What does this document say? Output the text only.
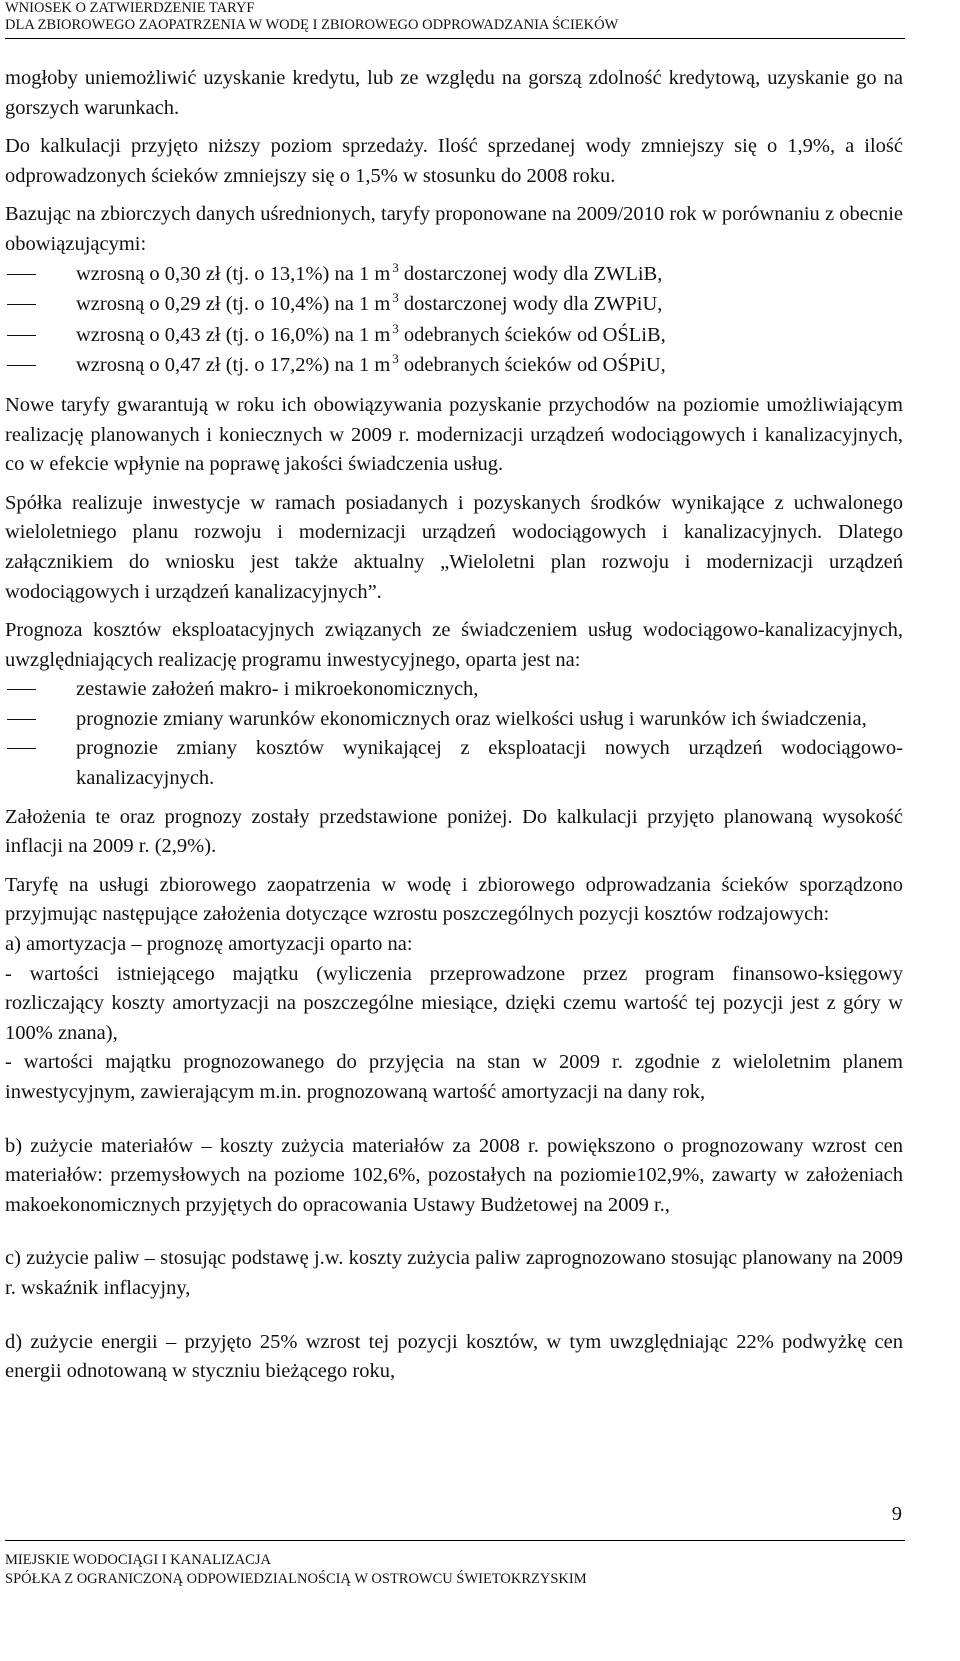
WNIOSEK O ZATWIERDZENIE TARYF
DLA ZBIOROWEGO ZAOPATRZENIA W WODĘ I ZBIOROWEGO ODPROWADZANIA ŚCIEKÓW

mogłoby uniemożliwić uzyskanie kredytu, lub ze względu na gorszą zdolność kredytową, uzyskanie go na gorszych warunkach.

Do kalkulacji przyjęto niższy poziom sprzedaży. Ilość sprzedanej wody zmniejszy się o 1,9%, a ilość odprowadzonych ścieków zmniejszy się o 1,5% w stosunku do 2008 roku.

Bazując na zbiorczych danych uśrednionych, taryfy proponowane na 2009/2010 rok w porównaniu z obecnie obowiązującymi:

wzrosną o 0,30 zł (tj. o 13,1%) na 1 m $^3$ dostarczonej wody dla ZWLiB,
wzrosną o 0,29 zł (tj. o 10,4%) na 1 m $^3$ dostarczonej wody dla ZWPiU,
wzrosną o 0,43 zł (tj. o 16,0%) na 1 m $^3$ odebranych ścieków od OŚLiB,
wzrosną o 0,47 zł (tj. o 17,2%) na 1 m $^3$ odebranych ścieków od OŚPiU,

Nowe taryfy gwarantują w roku ich obowiązywania pozyskanie przychodów na poziomie umożliwiającym realizację planowanych i koniecznych w 2009 r. modernizacji urządzeń wodociągowych i kanalizacyjnych, co w efekcie wpłynie na poprawę jakości świadczenia usług.

Spółka realizuje inwestycje w ramach posiadanych i pozyskanych środków wynikające z uchwalonego wieloletniego planu rozwoju i modernizacji urządzeń wodociągowych i kanalizacyjnych. Dlatego załącznikiem do wniosku jest także aktualny „Wieloletni plan rozwoju i modernizacji urządzeń wodociągowych i urządzeń kanalizacyjnych”.

Prognoza kosztów eksploatacyjnych związanych ze świadczeniem usług wodociągowo-kanalizacyjnych, uwzględniających realizację programu inwestycyjnego, oparta jest na:

zestawie założeń makro- i mikroekonomicznych,
prognozie zmiany warunków ekonomicznych oraz wielkości usług i warunków ich świadczenia,
prognozie zmiany kosztów wynikającej z eksploatacji nowych urządzeń wodociągowo-kanalizacyjnych.

Założenia te oraz prognozy zostały przedstawione poniżej. Do kalkulacji przyjęto planowaną wysokość inflacji na 2009 r. (2,9%).

Taryfę na usługi zbiorowego zaopatrzenia w wodę i zbiorowego odprowadzania ścieków sporządzono przyjmując następujące założenia dotyczące wzrostu poszczególnych pozycji kosztów rodzajowych:

a) amortyzacja – prognozę amortyzacji oparto na:

- wartości istniejącego majątku (wyliczenia przeprowadzone przez program finansowo-księgowy rozliczający koszty amortyzacji na poszczególne miesiące, dzięki czemu wartość tej pozycji jest z góry w 100% znana),

- wartości majątku prognozowanego do przyjęcia na stan w 2009 r. zgodnie z wieloletnim planem inwestycyjnym, zawierającym m.in. prognozowaną wartość amortyzacji na dany rok,

b) zużycie materiałów – koszty zużycia materiałów za 2008 r. powiększono o prognozowany wzrost cen materiałów: przemysłowych na poziome 102,6%, pozostałych na poziomie102,9%, zawarty w założeniach makoekonomicznych przyjętych do opracowania Ustawy Budżetowej na 2009 r.,

c) zużycie paliw – stosując podstawę j.w. koszty zużycia paliw zaprognozowano stosując planowany na 2009 r. wskaźnik inflacyjny,

d) zużycie energii – przyjęto 25% wzrost tej pozycji kosztów, w tym uwzględniając 22% podwyżkę cen energii odnotowaną w styczniu bieżącego roku,

9
MIEJSKIE WODOCIĄGI I KANALIZACJA
SPÓŁKA Z OGRANICZONĄ ODPOWIEDZIALNOŚCIĄ W OSTROWCU ŚWIETOKRZYSKIM
